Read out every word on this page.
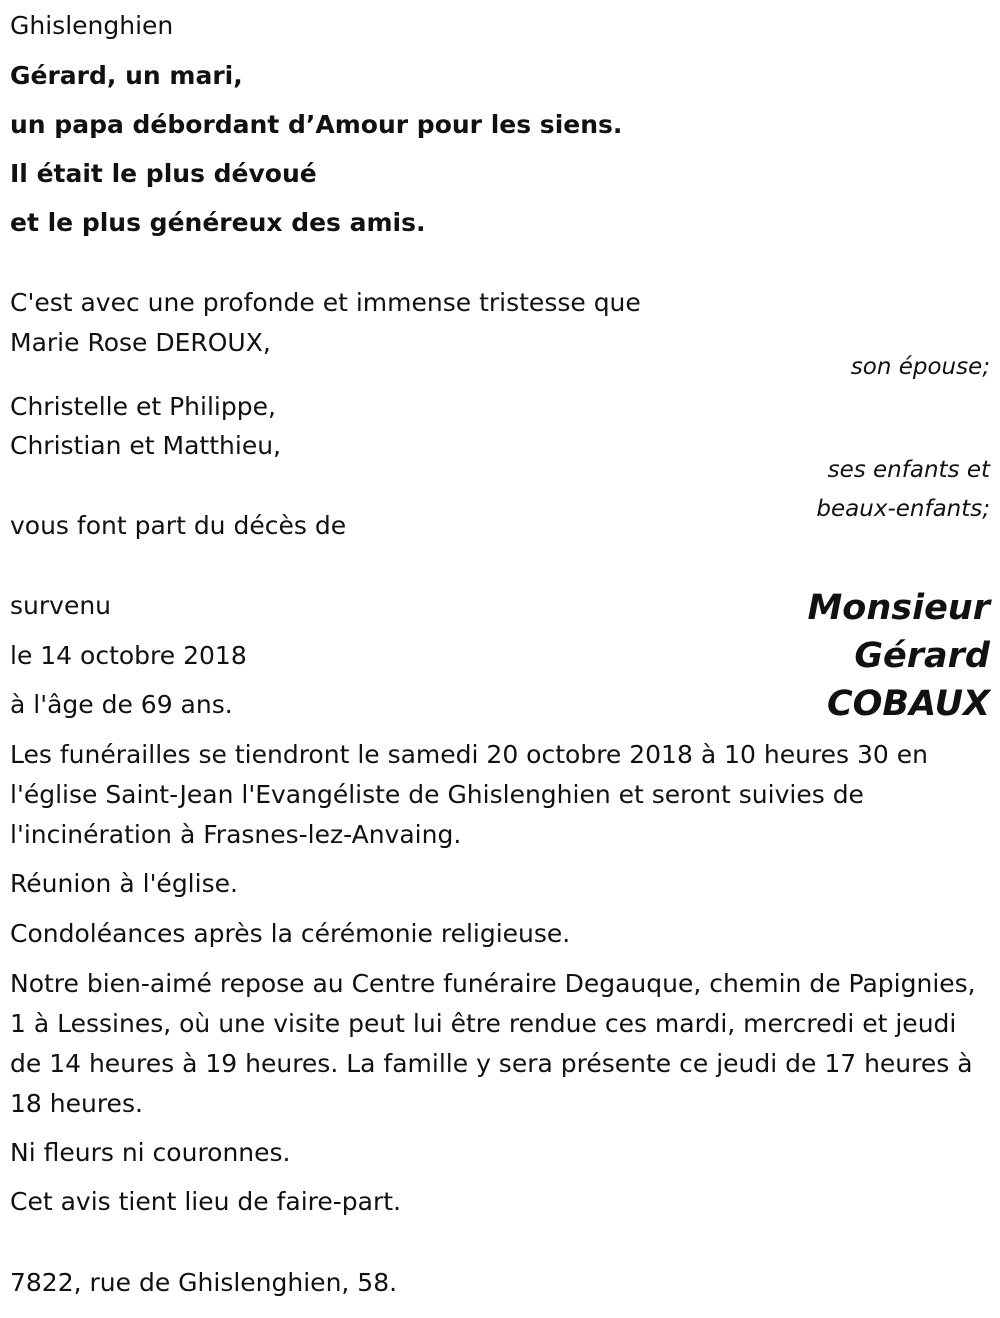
Ghislenghien
Gérard, un mari,
un papa débordant d’Amour pour les siens.
Il était le plus dévoué
et le plus généreux des amis.
C'est avec une profonde et immense tristesse que
Marie Rose DEROUX,
son épouse;
Christelle et Philippe,
Christian et Matthieu,
ses enfants et
beaux-enfants;
vous font part du décès de
survenu
le 14 octobre 2018
à l'âge de 69 ans.
Monsieur
Gérard
COBAUX
Les funérailles se tiendront le samedi 20 octobre 2018 à 10 heures 30 en l'église Saint-Jean l'Evangéliste de Ghislenghien et seront suivies de l'incinération à Frasnes-lez-Anvaing.
Réunion à l'église.
Condoléances après la cérémonie religieuse.
Notre bien-aimé repose au Centre funéraire Degauque, chemin de Papignies, 1 à Lessines, où une visite peut lui être rendue ces mardi, mercredi et jeudi de 14 heures à 19 heures. La famille y sera présente ce jeudi de 17 heures à 18 heures.
Ni fleurs ni couronnes.
Cet avis tient lieu de faire-part.
7822, rue de Ghislenghien, 58.
